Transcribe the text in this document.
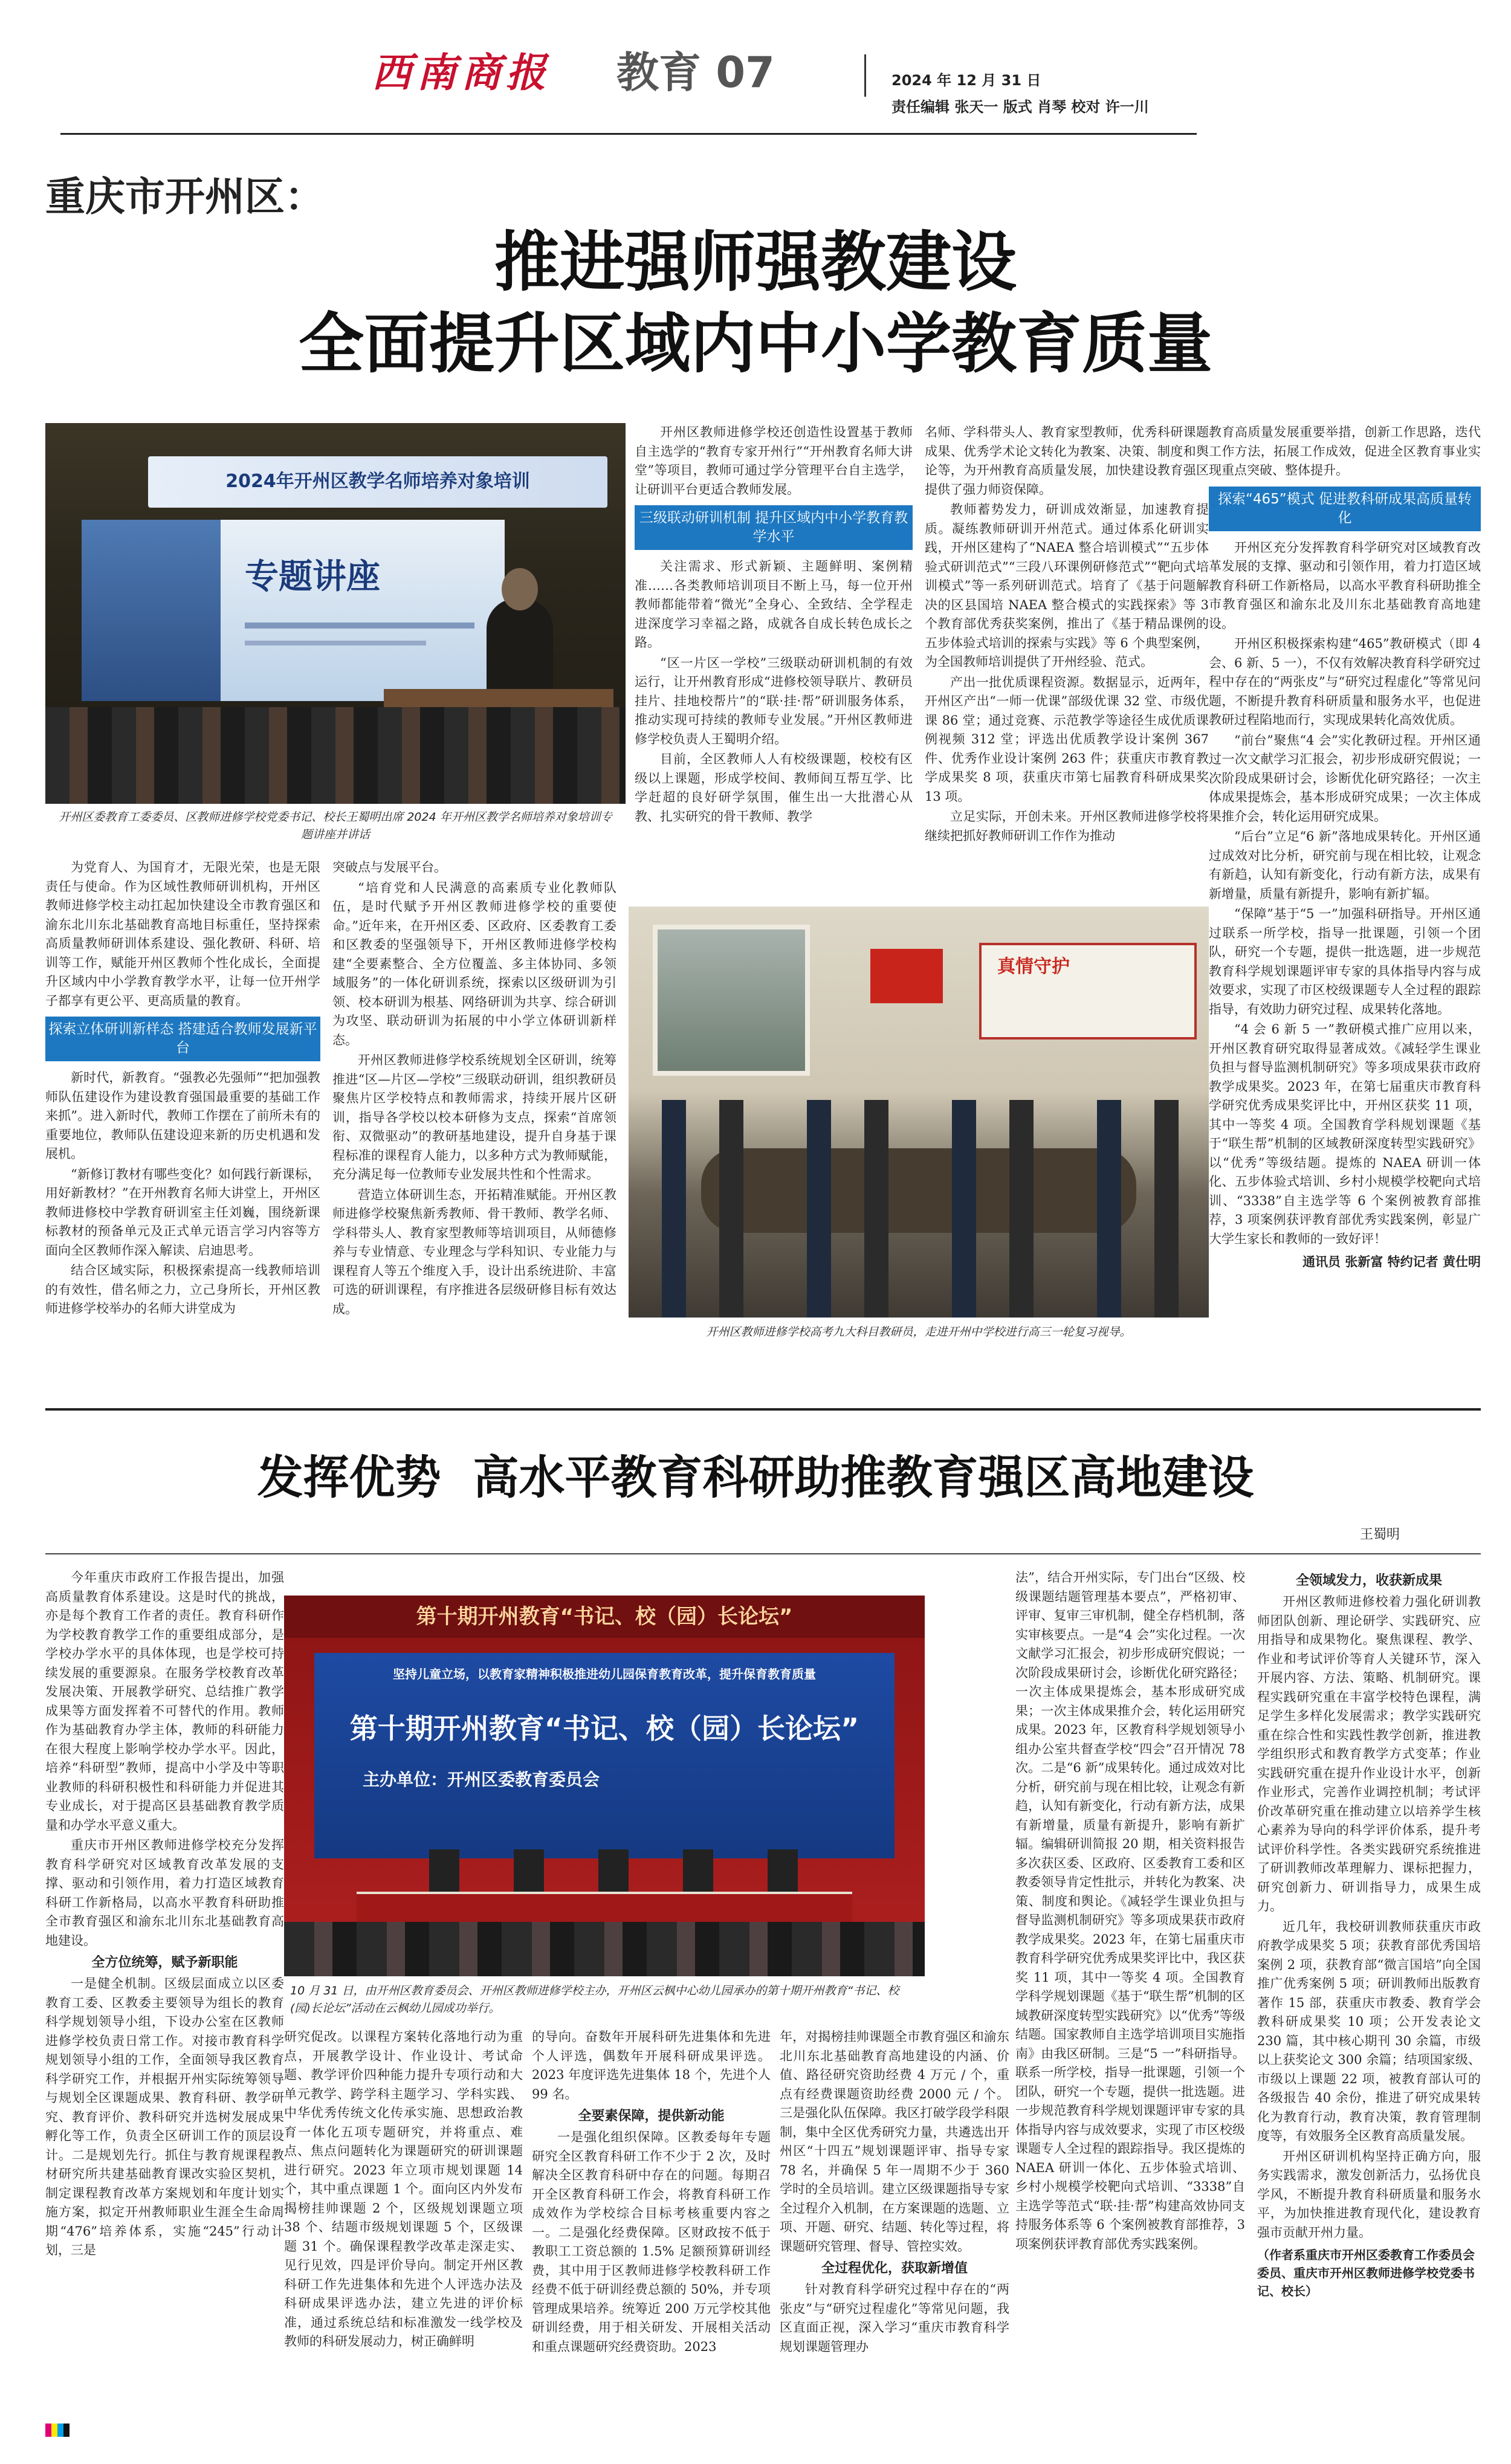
西南商报 教育 07	2024 年 12 月 31 日
责任编辑 张天一 版式 肖琴 校对 许一川
重庆市开州区：
推进强师强教建设
全面提升区域内中小学教育质量
2024年开州区教学名师培养对象培训
专题讲座
开州区委教育工委委员、区教师进修学校党委书记、校长王蜀明出席 2024 年开州区教学名师培养对象培训专题讲座并讲话

为党育人、为国育才，无限光荣，也是无限责任与使命。作为区域性教师研训机构，开州区教师进修学校主动扛起加快建设全市教育强区和渝东北川东北基础教育高地目标重任，坚持探索高质量教师研训体系建设、强化教研、科研、培训等工作，赋能开州区教师个性化成长，全面提升区域内中小学教育教学水平，让每一位开州学子都享有更公平、更高质量的教育。

探索立体研训新样态 搭建适合教师发展新平台

新时代，新教育。“强教必先强师”“把加强教师队伍建设作为建设教育强国最重要的基础工作来抓”。进入新时代，教师工作摆在了前所未有的重要地位，教师队伍建设迎来新的历史机遇和发展机。

“新修订教材有哪些变化？如何践行新课标，用好新教材？”在开州教育名师大讲堂上，开州区教师进修校中学教育研训室主任刘巍，围绕新课标教材的预备单元及正式单元语言学习内容等方面向全区教师作深入解读、启迪思考。

结合区域实际，积极探索提高一线教师培训的有效性，借名师之力，立己身所长，开州区教师进修学校举办的名师大讲堂成为

突破点与发展平台。

“培育党和人民满意的高素质专业化教师队伍，是时代赋予开州区教师进修学校的重要使命。”近年来，在开州区委、区政府、区委教育工委和区教委的坚强领导下，开州区教师进修学校构建“全要素整合、全方位覆盖、多主体协同、多领域服务”的一体化研训系统，探索以区级研训为引领、校本研训为根基、网络研训为共享、综合研训为攻坚、联动研训为拓展的中小学立体研训新样态。

开州区教师进修学校系统规划全区研训，统筹推进“区—片区—学校”三级联动研训，组织教研员聚焦片区学校特点和教师需求，持续开展片区研训，指导各学校以校本研修为支点，探索“首席领衔、双微驱动”的教研基地建设，提升自身基于课程标准的课程育人能力，以多种方式为教师赋能，充分满足每一位教师专业发展共性和个性需求。

营造立体研训生态，开拓精准赋能。开州区教师进修学校聚焦新秀教师、骨干教师、教学名师、学科带头人、教育家型教师等培训项目，从师德修养与专业情意、专业理念与学科知识、专业能力与课程育人等五个维度入手，设计出系统进阶、丰富可选的研训课程，有序推进各层级研修目标有效达成。

开州区教师进修学校还创造性设置基于教师自主选学的“教育专家开州行”“开州教育名师大讲堂”等项目，教师可通过学分管理平台自主选学，让研训平台更适合教师发展。

三级联动研训机制 提升区域内中小学教育教学水平

关注需求、形式新颖、主题鲜明、案例精准……各类教师培训项目不断上马，每一位开州教师都能带着“微光”全身心、全致结、全学程走进深度学习幸福之路，成就各自成长转色成长之路。

“区一片区一学校”三级联动研训机制的有效运行，让开州教育形成“进修校领导联片、教研员挂片、挂地校帮片”的“联·挂·帮”研训服务体系，推动实现可持续的教师专业发展。”开州区教师进修学校负责人王蜀明介绍。

目前，全区教师人人有校级课题，校校有区级以上课题，形成学校间、教师间互帮互学、比学赶超的良好研学氛围，催生出一大批潜心从教、扎实研究的骨干教师、教学

名师、学科带头人、教育家型教师，优秀科研课题成果、优秀学术论文转化为教案、决策、制度和舆论等，为开州教育高质量发展，加快建设教育强区提供了强力师资保障。

教师蓄势发力，研训成效渐显，加速教育提质。凝练教师研训开州范式。通过体系化研训实践，开州区建构了“NAEA 整合培训模式”“五步体验式研训范式”“三段八环课例研修范式”“靶向式培训模式”等一系列研训范式。培育了《基于问题解决的区县国培 NAEA 整合模式的实践探索》等 3 个教育部优秀获奖案例，推出了《基于精品课例的五步体验式培训的探索与实践》等 6 个典型案例，为全国教师培训提供了开州经验、范式。

产出一批优质课程资源。数据显示，近两年，开州区产出“一师一优课”部级优课 32 堂、市级优课 86 堂；通过竞赛、示范教学等途径生成优质课例视频 312 堂；评选出优质教学设计案例 367 件、优秀作业设计案例 263 件；获重庆市教育教学成果奖 8 项，获重庆市第七届教育科研成果奖 13 项。

立足实际，开创未来。开州区教师进修学校将继续把抓好教师研训工作作为推动

真情守护
开州区教师进修学校高考九大科目教研员，走进开州中学校进行高三一轮复习视导。

教育高质量发展重要举措，创新工作思路，迭代工作方法，拓展工作成效，促进全区教育事业实现重点突破、整体提升。

探索“465”模式 促进教科研成果高质量转化

开州区充分发挥教育科学研究对区域教育改革发展的支撑、驱动和引领作用，着力打造区域教育科研工作新格局，以高水平教育科研助推全市教育强区和渝东北及川东北基础教育高地建设。

开州区积极探索构建“465”教研模式（即 4 会、6 新、5 一），不仅有效解决教育科学研究过程中存在的“两张皮”与“研究过程虚化”等常见问题，不断提升教育科研质量和服务水平，也促进教研过程陷地而行，实现成果转化高效优质。

“前台”聚焦“4 会”实化教研过程。开州区通过一次文献学习汇报会，初步形成研究假说；一次阶段成果研讨会，诊断优化研究路径；一次主体成果提炼会，基本形成研究成果；一次主体成果推介会，转化运用研究成果。

“后台”立足“6 新”落地成果转化。开州区通过成效对比分析，研究前与现在相比较，让观念有新趋，认知有新变化，行动有新方法，成果有新增量，质量有新提升，影响有新扩辐。

“保障”基于“5 一”加强科研指导。开州区通过联系一所学校，指导一批课题，引领一个团队，研究一个专题，提供一批选题，进一步规范教育科学规划课题评审专家的具体指导内容与成效要求，实现了市区校级课题专人全过程的跟踪指导，有效助力研究过程、成果转化落地。

“4 会 6 新 5 一”教研模式推广应用以来，开州区教育研究取得显著成效。《减轻学生课业负担与督导监测机制研究》等多项成果获市政府教学成果奖。2023 年，在第七届重庆市教育科学研究优秀成果奖评比中，开州区获奖 11 项，其中一等奖 4 项。全国教育学科规划课题《基于“联生帮”机制的区域教研深度转型实践研究》以“优秀”等级结题。提炼的 NAEA 研训一体化、五步体验式培训、乡村小规模学校靶向式培训、“3338”自主选学等 6 个案例被教育部推荐，3 项案例获评教育部优秀实践案例，彰显广大学生家长和教师的一致好评！

通讯员 张新富 特约记者 黄仕明
发挥优势  高水平教育科研助推教育强区高地建设
王蜀明

今年重庆市政府工作报告提出，加强高质量教育体系建设。这是时代的挑战，亦是每个教育工作者的责任。教育科研作为学校教育教学工作的重要组成部分，是学校办学水平的具体体现，也是学校可持续发展的重要源泉。在服务学校教育改革发展决策、开展教学研究、总结推广教学成果等方面发挥着不可替代的作用。教师作为基础教育办学主体，教师的科研能力在很大程度上影响学校办学水平。因此，培养“科研型”教师，提高中小学及中等职业教师的科研积极性和科研能力并促进其专业成长，对于提高区县基础教育教学质量和办学水平意义重大。

重庆市开州区教师进修学校充分发挥教育科学研究对区域教育改革发展的支撑、驱动和引领作用，着力打造区域教育科研工作新格局，以高水平教育科研助推全市教育强区和渝东北川东北基础教育高地建设。

全方位统筹，赋予新职能

一是健全机制。区级层面成立以区委教育工委、区教委主要领导为组长的教育科学规划领导小组，下设办公室在区教师进修学校负责日常工作。对接市教育科学规划领导小组的工作，全面领导我区教育科学研究工作，并根据开州实际统筹领导与规划全区课题成果、教育科研、教学研究、教育评价、教科研究并选树发展成果孵化等工作，负责全区研训工作的顶层设计。二是规划先行。抓住与教育规课程教材研究所共建基础教育课改实验区契机，制定课程教育改革方案规划和年度计划实施方案，拟定开州教师职业生涯全生命周期“476”培养体系，实施“245”行动计划，三是

第十期开州教育“书记、校（园）长论坛”
坚持儿童立场，以教育家精神积极推进幼儿园保育教育改革，提升保育教育质量
第十期开州教育“书记、校（园）长论坛”
主办单位：开州区委教育委员会
10 月 31 日，由开州区教育委员会、开州区教师进修学校主办，开州区云枫中心幼儿园承办的第十期开州教育“书记、校(园)长论坛”活动在云枫幼儿园成功举行。

研究促改。以课程方案转化落地行动为重点，开展教学设计、作业设计、考试命题、教学评价四种能力提升专项行动和大单元教学、跨学科主题学习、学科实践、中华优秀传统文化传承实施、思想政治教育一体化五项专题研究，并将重点、难点、焦点问题转化为课题研究的研训课题进行研究。2023 年立项市规划课题 14 个，其中重点课题 1 个。面向区内外发布揭榜挂帅课题 2 个，区级规划课题立项 38 个、结题市级规划课题 5 个，区级课题 31 个。确保课程教学改革走深走实、见行见效，四是评价导向。制定开州区教科研工作先进集体和先进个人评选办法及科研成果评选办法，建立先进的评价标准，通过系统总结和标准激发一线学校及教师的科研发展动力，树正确鲜明

的导向。奋数年开展科研先进集体和先进个人评选，偶数年开展科研成果评选。2023 年度评选先进集体 18 个，先进个人 99 名。

全要素保障，提供新动能

一是强化组织保障。区教委每年专题研究全区教育科研工作不少于 2 次，及时解决全区教育科研中存在的问题。每期召开全区教育科研工作会，将教育科研工作成效作为学校综合目标考核重要内容之一。二是强化经费保障。区财政按不低于教职工工资总额的 1.5% 足额预算研训经费，其中用于区教师进修学校教科研工作经费不低于研训经费总额的 50%，并专项管理成果培养。统筹近 200 万元学校其他研训经费，用于相关研发、开展相关活动和重点课题研究经费资助。2023

年，对揭榜挂帅课题全市教育强区和渝东北川东北基础教育高地建设的内涵、价值、路径研究资助经费 4 万元 / 个，重点有经费课题资助经费 2000 元 / 个。三是强化队伍保障。我区打破学段学科限制，集中全区优秀研究力量，共遴选出开州区“十四五”规划课题评审、指导专家 78 名，并确保 5 年一周期不少于 360 学时的全员培训。建立区级课题指导专家全过程介入机制，在方案课题的选题、立项、开题、研究、结题、转化等过程，将课题研究管理、督导、管控实效。

全过程优化，获取新增值

针对教育科学研究过程中存在的“两张皮”与“研究过程虚化”等常见问题，我区直面正视，深入学习“重庆市教育科学规划课题管理办

法”，结合开州实际，专门出台“区级、校级课题结题管理基本要点”，严格初审、评审、复审三审机制，健全存档机制，落实审核要点。一是“4 会”实化过程。一次文献学习汇报会，初步形成研究假说；一次阶段成果研讨会，诊断优化研究路径；一次主体成果提炼会，基本形成研究成果；一次主体成果推介会，转化运用研究成果。2023 年，区教育科学规划领导小组办公室共督查学校“四会”召开情况 78 次。二是“6 新”成果转化。通过成效对比分析，研究前与现在相比较，让观念有新趋，认知有新变化，行动有新方法，成果有新增量，质量有新提升，影响有新扩辐。编辑研训简报 20 期，相关资料报告多次获区委、区政府、区委教育工委和区教委领导肯定性批示，并转化为教案、决策、制度和舆论。《减轻学生课业负担与督导监测机制研究》等多项成果获市政府教学成果奖。2023 年，在第七届重庆市教育科学研究优秀成果奖评比中，我区获奖 11 项，其中一等奖 4 项。全国教育学科学规划课题《基于“联生帮”机制的区域教研深度转型实践研究》以“优秀”等级结题。国家教师自主选学培训项目实施指南》由我区研制。三是“5 一”科研指导。联系一所学校，指导一批课题，引领一个团队，研究一个专题，提供一批选题。进一步规范教育科学规划课题评审专家的具体指导内容与成效要求，实现了市区校级课题专人全过程的跟踪指导。我区提炼的 NAEA 研训一体化、五步体验式培训、乡村小规模学校靶向式培训、“3338”自主选学等范式“联·挂·帮”构建高效协同支持服务体系等 6 个案例被教育部推荐，3 项案例获评教育部优秀实践案例。

全领域发力，收获新成果

开州区教师进修校着力强化研训教师团队创新、理论研学、实践研究、应用指导和成果物化。聚焦课程、教学、作业和考试评价等育人关键环节，深入开展内容、方法、策略、机制研究。课程实践研究重在丰富学校特色课程，满足学生多样化发展需求；教学实践研究重在综合性和实践性教学创新，推进教学组织形式和教育教学方式变革；作业实践研究重在提升作业设计水平，创新作业形式，完善作业调控机制；考试评价改革研究重在推动建立以培养学生核心素养为导向的科学评价体系，提升考试评价科学性。各类实践研究系统推进了研训教师改革理解力、课标把握力，研究创新力、研训指导力，成果生成力。

近几年，我校研训教师获重庆市政府教学成果奖 5 项；获教育部优秀国培案例 2 项，获教育部“微言国培”向全国推广优秀案例 5 项；研训教师出版教育著作 15 部，获重庆市教委、教育学会教科研成果奖 10 项；公开发表论文 230 篇，其中核心期刊 30 余篇，市级以上获奖论文 300 余篇；结项国家级、市级以上课题 22 项，被教育部认可的各级报告 40 余份，推进了研究成果转化为教育行动，教育决策，教育管理制度等，有效服务全区教育高质量发展。

开州区研训机构坚持正确方向，服务实践需求，激发创新活力，弘扬优良学风，不断提升教育科研质量和服务水平，为加快推进教育现代化，建设教育强市贡献开州力量。

（作者系重庆市开州区委教育工作委员会委员、重庆市开州区教师进修学校党委书记、校长）
